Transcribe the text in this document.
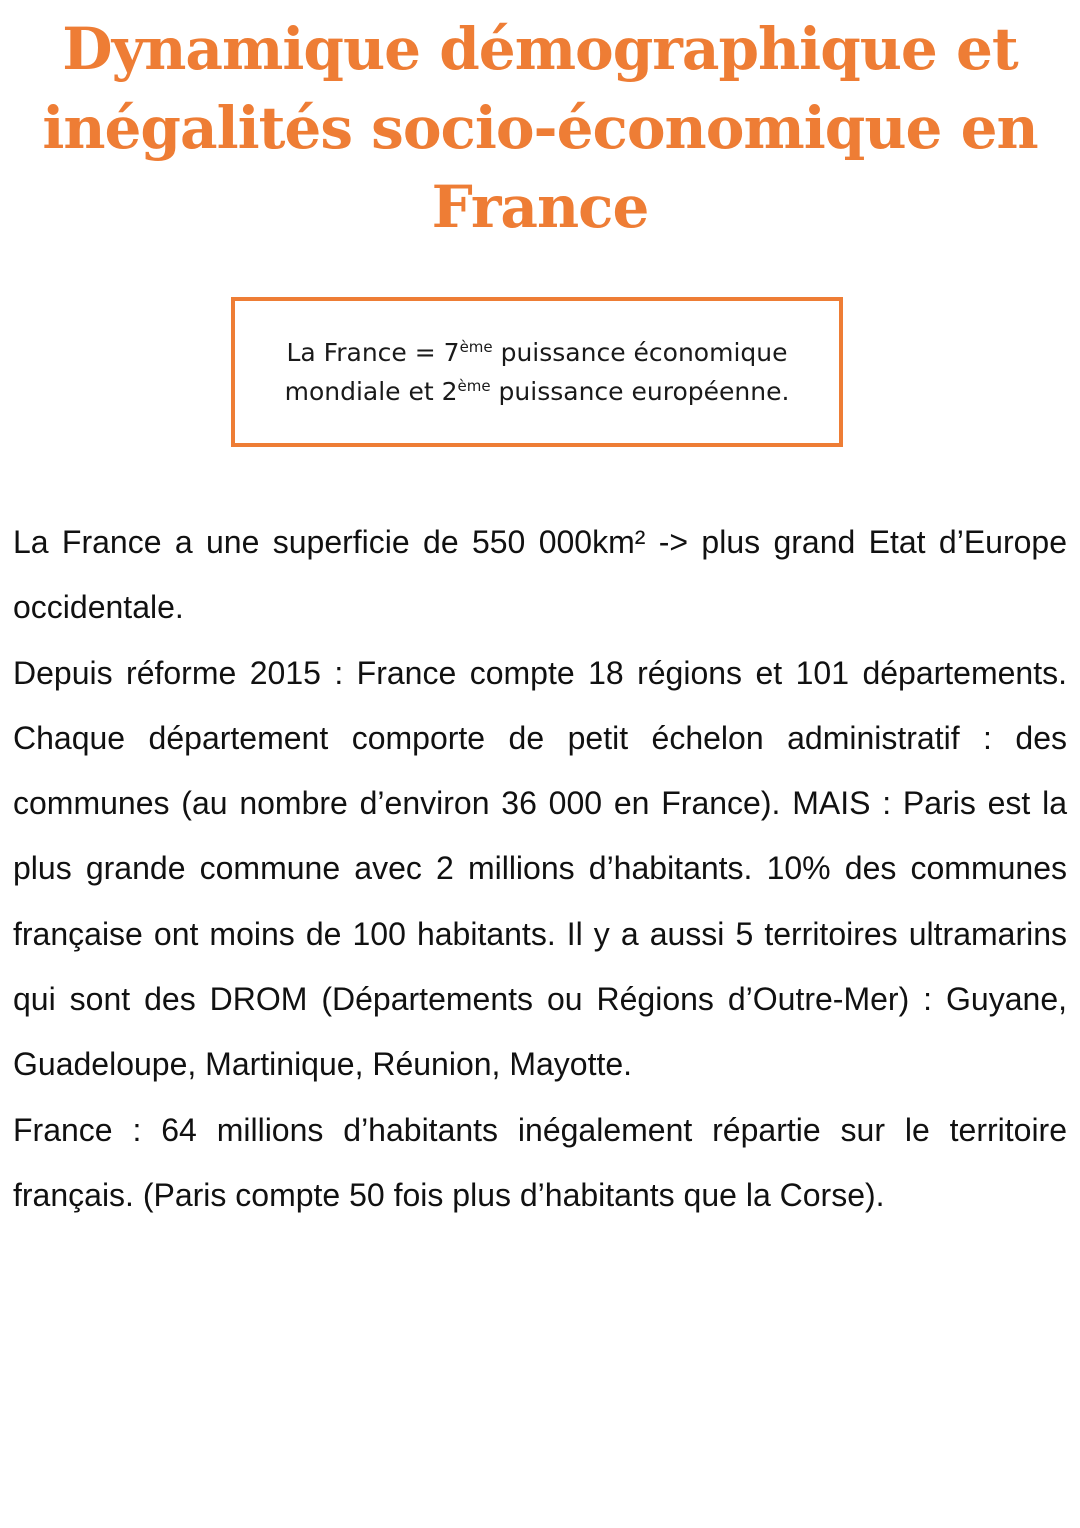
Dynamique démographique et
inégalités socio-économique en
France
La France = 7ème puissance économique
mondiale et 2ème puissance européenne.

La France a une superficie de 550 000km² -> plus grand Etat d’Europe occidentale.

Depuis réforme 2015 : France compte 18 régions et 101 départements. Chaque département comporte de petit échelon administratif : des communes (au nombre d’environ 36 000 en France). MAIS : Paris est la plus grande commune avec 2 millions d’habitants. 10% des communes française ont moins de 100 habitants. Il y a aussi 5 territoires ultramarins qui sont des DROM (Départements ou Régions d’Outre-Mer) : Guyane, Guadeloupe, Martinique, Réunion, Mayotte.

France : 64 millions d’habitants inégalement répartie sur le territoire français. (Paris compte 50 fois plus d’habitants que la Corse).
